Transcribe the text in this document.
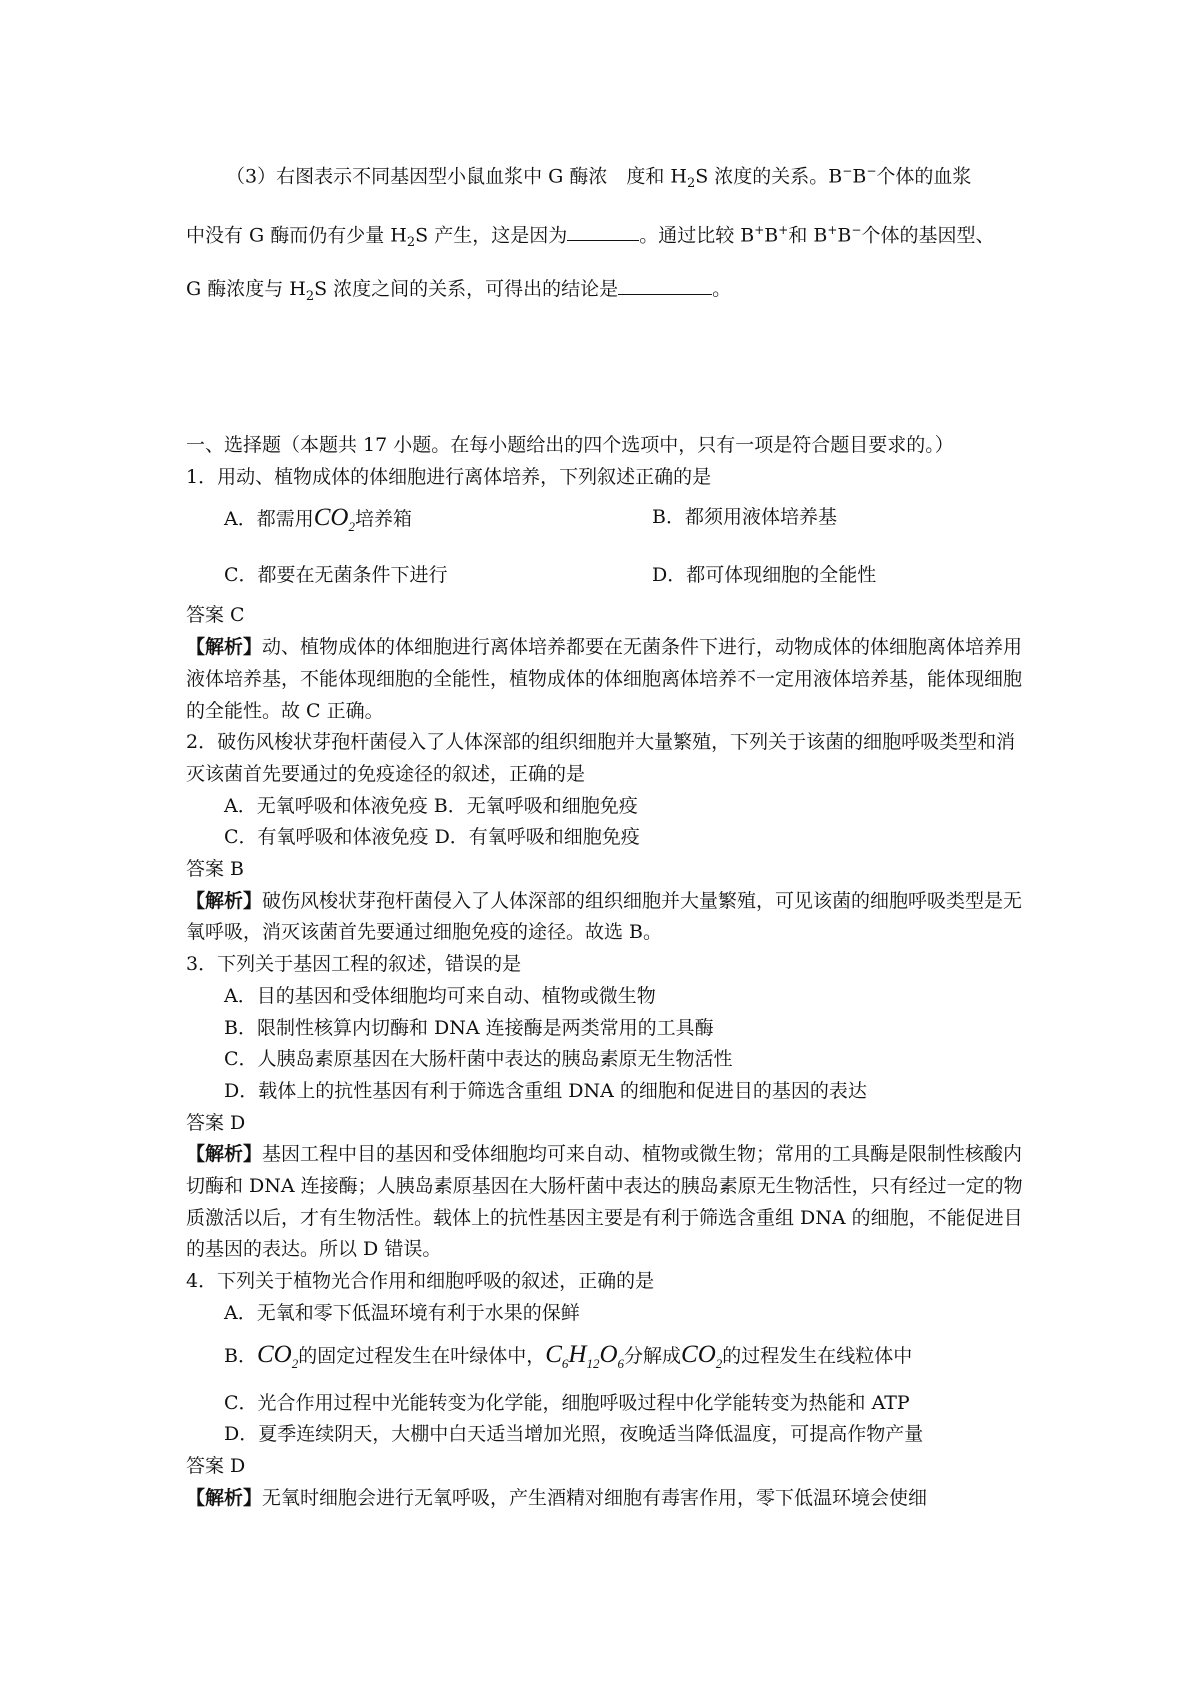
（3）右图表示不同基因型小鼠血浆中 G 酶浓　度和 $H_2S$ 浓度的关系。B−B−个体的血浆

中没有 G 酶而仍有少量 $H_2S$ 产生，这是因为	。通过比较 B+B+和 B+B−个体的基因型、

G 酶浓度与 $H_2S$ 浓度之间的关系，可得出的结论是	。

一、选择题（本题共 17 小题。在每小题给出的四个选项中，只有一项是符合题目要求的。）

1．用动、植物成体的体细胞进行离体培养，下列叙述正确的是

A．都需用$CO_2$培养箱	B．都须用液体培养基
C．都要在无菌条件下进行	D．都可体现细胞的全能性

答案 C

【解析】动、植物成体的体细胞进行离体培养都要在无菌条件下进行，动物成体的体细胞离体培养用液体培养基，不能体现细胞的全能性，植物成体的体细胞离体培养不一定用液体培养基，能体现细胞的全能性。故 C 正确。

2．破伤风梭状芽孢杆菌侵入了人体深部的组织细胞并大量繁殖，下列关于该菌的细胞呼吸类型和消灭该菌首先要通过的免疫途径的叙述，正确的是

A．无氧呼吸和体液免疫 B．无氧呼吸和细胞免疫

C．有氧呼吸和体液免疫 D．有氧呼吸和细胞免疫

答案 B

【解析】破伤风梭状芽孢杆菌侵入了人体深部的组织细胞并大量繁殖，可见该菌的细胞呼吸类型是无氧呼吸，消灭该菌首先要通过细胞免疫的途径。故选 B。

3．下列关于基因工程的叙述，错误的是

A．目的基因和受体细胞均可来自动、植物或微生物

B．限制性核算内切酶和 DNA 连接酶是两类常用的工具酶

C．人胰岛素原基因在大肠杆菌中表达的胰岛素原无生物活性

D．载体上的抗性基因有利于筛选含重组 DNA 的细胞和促进目的基因的表达

答案 D

【解析】基因工程中目的基因和受体细胞均可来自动、植物或微生物；常用的工具酶是限制性核酸内切酶和 DNA 连接酶；人胰岛素原基因在大肠杆菌中表达的胰岛素原无生物活性，只有经过一定的物质激活以后，才有生物活性。载体上的抗性基因主要是有利于筛选含重组 DNA 的细胞，不能促进目的基因的表达。所以 D 错误。

4．下列关于植物光合作用和细胞呼吸的叙述，正确的是

A．无氧和零下低温环境有利于水果的保鲜

B．$CO_2$的固定过程发生在叶绿体中，$C_6H_{12}O_6$分解成$CO_2$的过程发生在线粒体中

C．光合作用过程中光能转变为化学能，细胞呼吸过程中化学能转变为热能和 ATP

D．夏季连续阴天，大棚中白天适当增加光照，夜晚适当降低温度，可提高作物产量

答案 D

【解析】无氧时细胞会进行无氧呼吸，产生酒精对细胞有毒害作用，零下低温环境会使细
